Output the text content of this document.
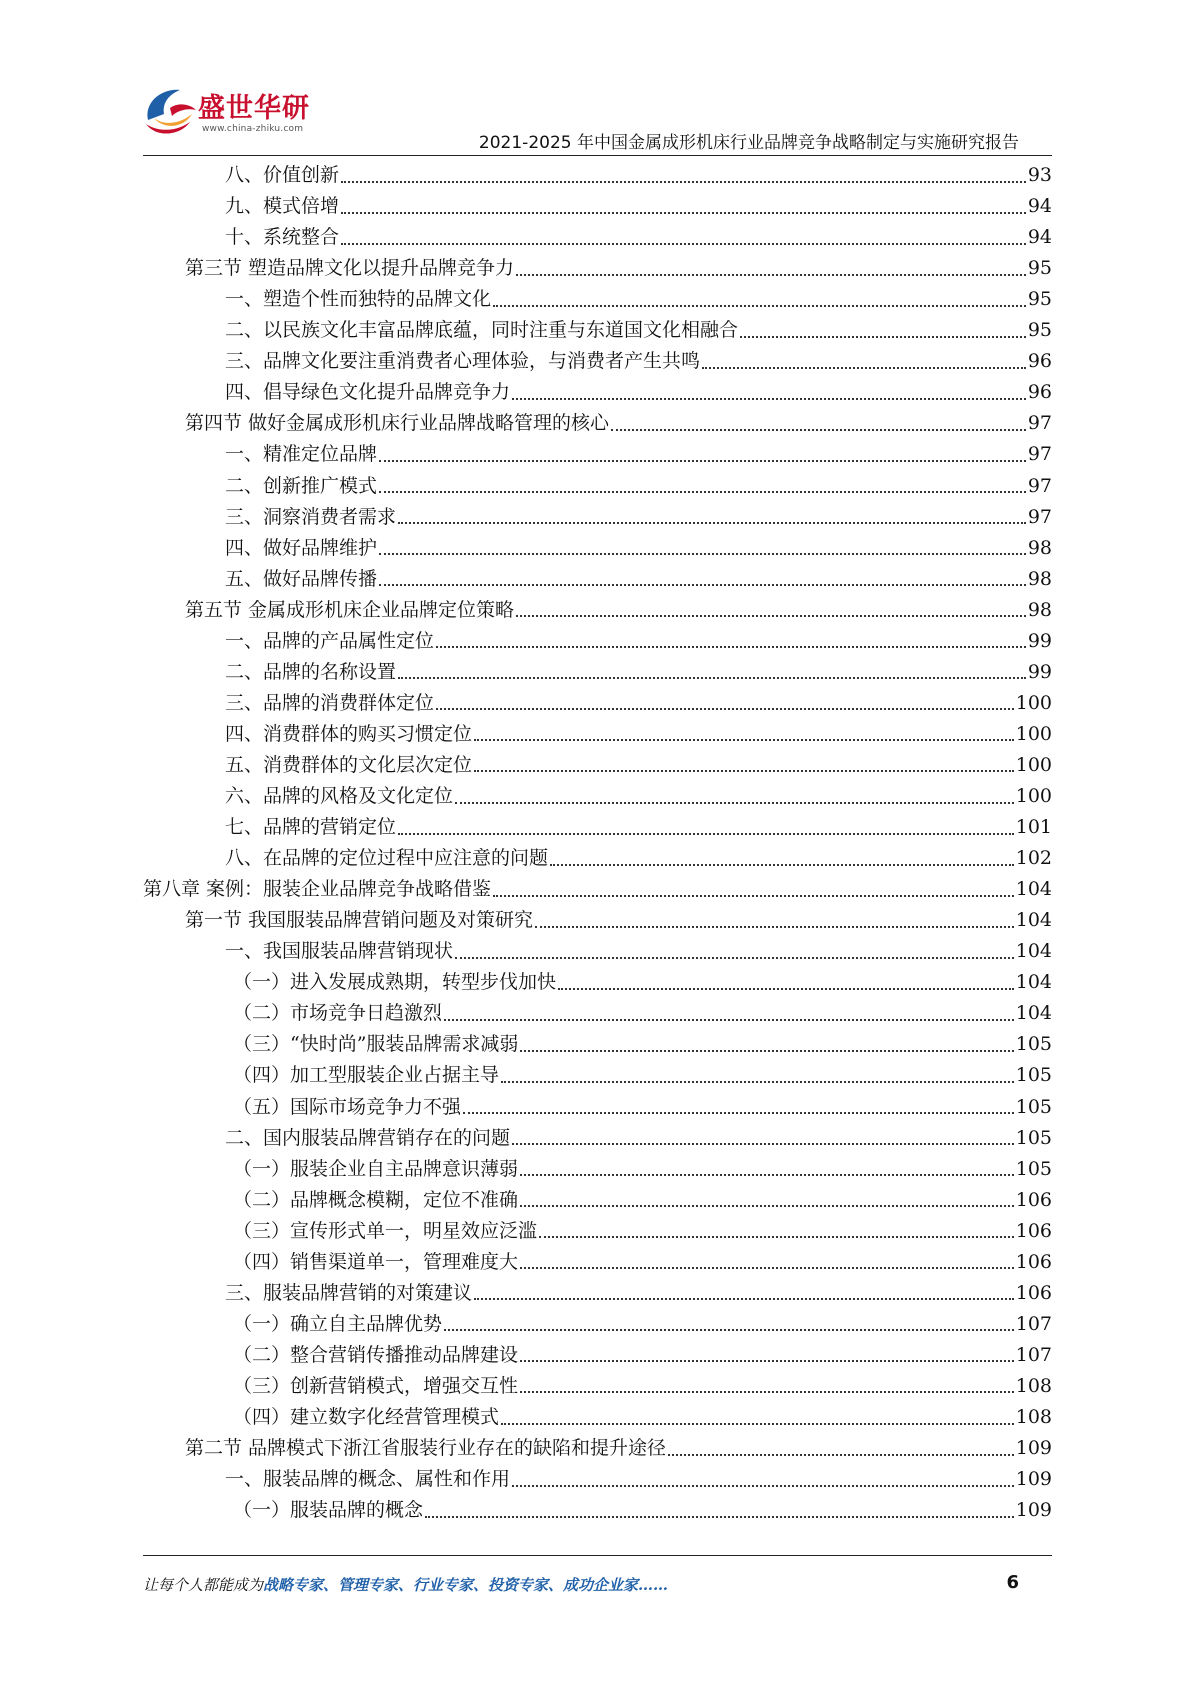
盛世华研
www.china-zhiku.com
2021-2025 年中国金属成形机床行业品牌竞争战略制定与实施研究报告
八、价值创新	93
九、模式倍增	94
十、系统整合	94
第三节 塑造品牌文化以提升品牌竞争力	95
一、塑造个性而独特的品牌文化	95
二、以民族文化丰富品牌底蕴，同时注重与东道国文化相融合	95
三、品牌文化要注重消费者心理体验，与消费者产生共鸣	96
四、倡导绿色文化提升品牌竞争力	96
第四节 做好金属成形机床行业品牌战略管理的核心	97
一、精准定位品牌	97
二、创新推广模式	97
三、洞察消费者需求	97
四、做好品牌维护	98
五、做好品牌传播	98
第五节 金属成形机床企业品牌定位策略	98
一、品牌的产品属性定位	99
二、品牌的名称设置	99
三、品牌的消费群体定位	100
四、消费群体的购买习惯定位	100
五、消费群体的文化层次定位	100
六、品牌的风格及文化定位	100
七、品牌的营销定位	101
八、在品牌的定位过程中应注意的问题	102
第八章 案例：服装企业品牌竞争战略借鉴	104
第一节 我国服装品牌营销问题及对策研究	104
一、我国服装品牌营销现状	104
（一）进入发展成熟期，转型步伐加快	104
（二）市场竞争日趋激烈	104
（三）“快时尚”服装品牌需求减弱	105
（四）加工型服装企业占据主导	105
（五）国际市场竞争力不强	105
二、国内服装品牌营销存在的问题	105
（一）服装企业自主品牌意识薄弱	105
（二）品牌概念模糊，定位不准确	106
（三）宣传形式单一，明星效应泛滥	106
（四）销售渠道单一，管理难度大	106
三、服装品牌营销的对策建议	106
（一）确立自主品牌优势	107
（二）整合营销传播推动品牌建设	107
（三）创新营销模式，增强交互性	108
（四）建立数字化经营管理模式	108
第二节 品牌模式下浙江省服装行业存在的缺陷和提升途径	109
一、服装品牌的概念、属性和作用	109
（一）服装品牌的概念	109
让每个人都能成为战略专家、管理专家、行业专家、投资专家、成功企业家……	6
